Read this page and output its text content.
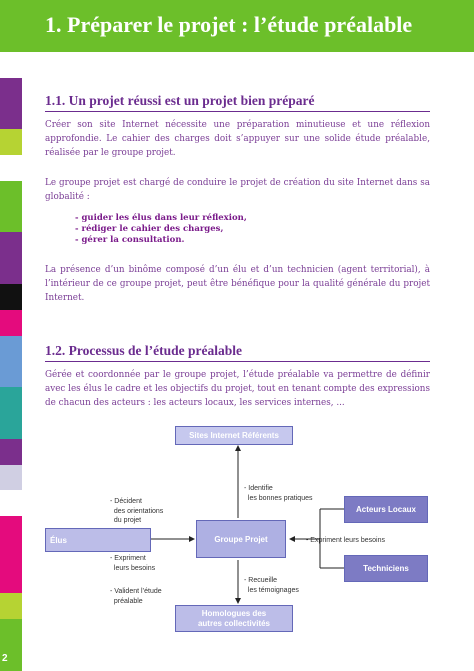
1. Préparer le projet : l’étude préalable
2
1.1. Un projet réussi est un projet bien préparé

Créer son site Internet nécessite une préparation minutieuse et une réflexion approfondie. Le cahier des charges doit s’appuyer sur une solide étude préalable, réalisée par le groupe projet.

Le groupe projet est chargé de conduire le projet de création du site Internet dans sa globalité :

- guider les élus dans leur réflexion,
- rédiger le cahier des charges,
- gérer la consultation.

La présence d’un binôme composé d’un élu et d’un technicien (agent territorial), à l’intérieur de ce groupe projet, peut être bénéfique pour la qualité générale du projet Internet.

1.2. Processus de l’étude préalable

Gérée et coordonnée par le groupe projet, l’étude préalable va permettre de définir avec les élus le cadre et les objectifs du projet, tout en tenant compte des expressions de chacun des acteurs : les acteurs locaux, les services internes, ...

Sites Internet Référents
Élus	Groupe Projet
Acteurs Locaux
Techniciens
Homologues des autres collectivités
- Décident
des orientations
du projet
- Expriment
leurs besoins
- Valident l’étude
préalable
- Identifie
les bonnes pratiques
- Expriment leurs besoins
- Recueille
les témoignages
